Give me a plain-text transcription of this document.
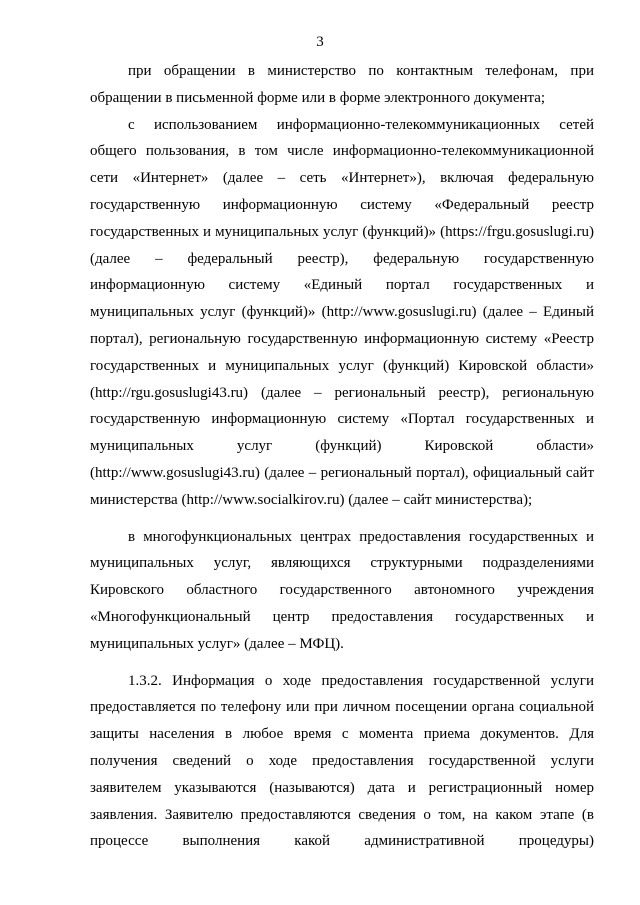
3

при обращении в министерство по контактным телефонам, при обращении в письменной форме или в форме электронного документа;

с использованием информационно-телекоммуникационных сетей общего пользования, в том числе информационно-телекоммуникационной сети «Интернет» (далее – сеть «Интернет»), включая федеральную государственную информационную систему «Федеральный реестр государственных и муниципальных услуг (функций)» (https://frgu.gosuslugi.ru) (далее – федеральный реестр), федеральную государственную информационную систему «Единый портал государственных и муниципальных услуг (функций)» (http://www.gosuslugi.ru) (далее – Единый портал), региональную государственную информационную систему «Реестр государственных и муниципальных услуг (функций) Кировской области» (http://rgu.gosuslugi43.ru) (далее – региональный реестр), региональную государственную информационную систему «Портал государственных и муниципальных услуг (функций) Кировской области» (http://www.gosuslugi43.ru) (далее – региональный портал), официальный сайт министерства (http://www.socialkirov.ru) (далее – сайт министерства);

в многофункциональных центрах предоставления государственных и муниципальных услуг, являющихся структурными подразделениями Кировского областного государственного автономного учреждения «Многофункциональный центр предоставления государственных и муниципальных услуг» (далее – МФЦ).

1.3.2. Информация о ходе предоставления государственной услуги предоставляется по телефону или при личном посещении органа социальной защиты населения в любое время с момента приема документов. Для получения сведений о ходе предоставления государственной услуги заявителем указываются (называются) дата и регистрационный номер заявления. Заявителю предоставляются сведения о том, на каком этапе (в процессе выполнения какой административной процедуры)
